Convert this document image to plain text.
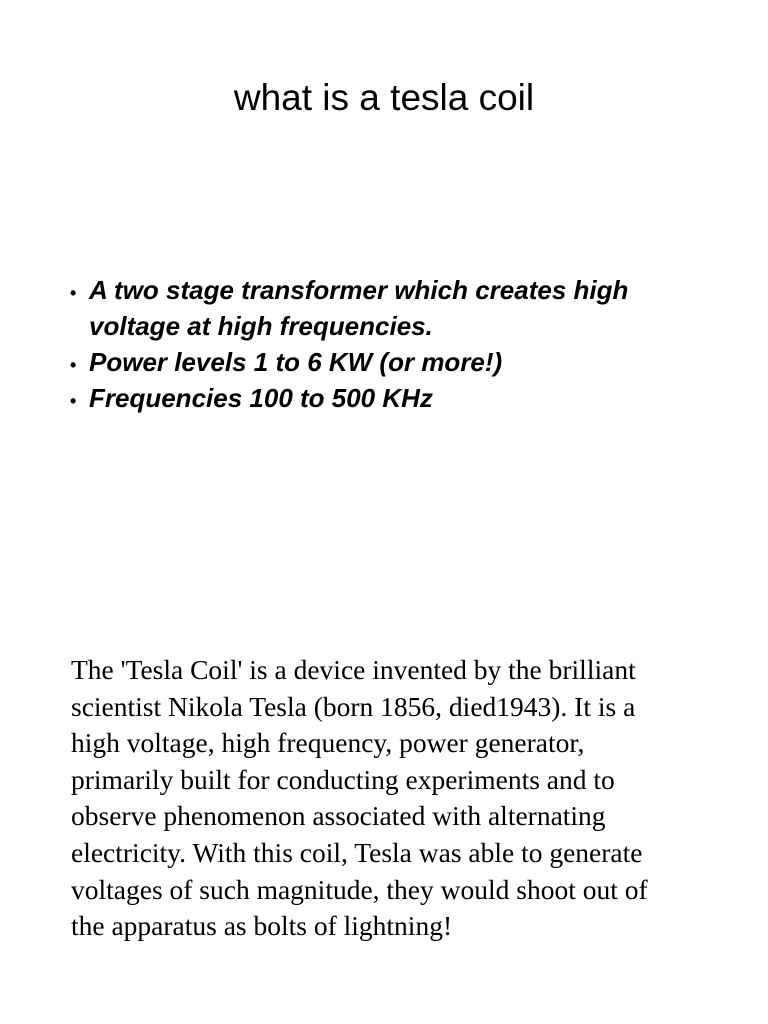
what is a tesla coil
• A two stage transformer which creates high voltage at high frequencies.
• Power levels 1 to 6 KW (or more!)
• Frequencies 100 to 500 KHz

The 'Tesla Coil' is a device invented by the brilliant
scientist Nikola Tesla (born 1856, died1943). It is a
high voltage, high frequency, power generator,
primarily built for conducting experiments and to
observe phenomenon associated with alternating
electricity. With this coil, Tesla was able to generate
voltages of such magnitude, they would shoot out of
the apparatus as bolts of lightning!
